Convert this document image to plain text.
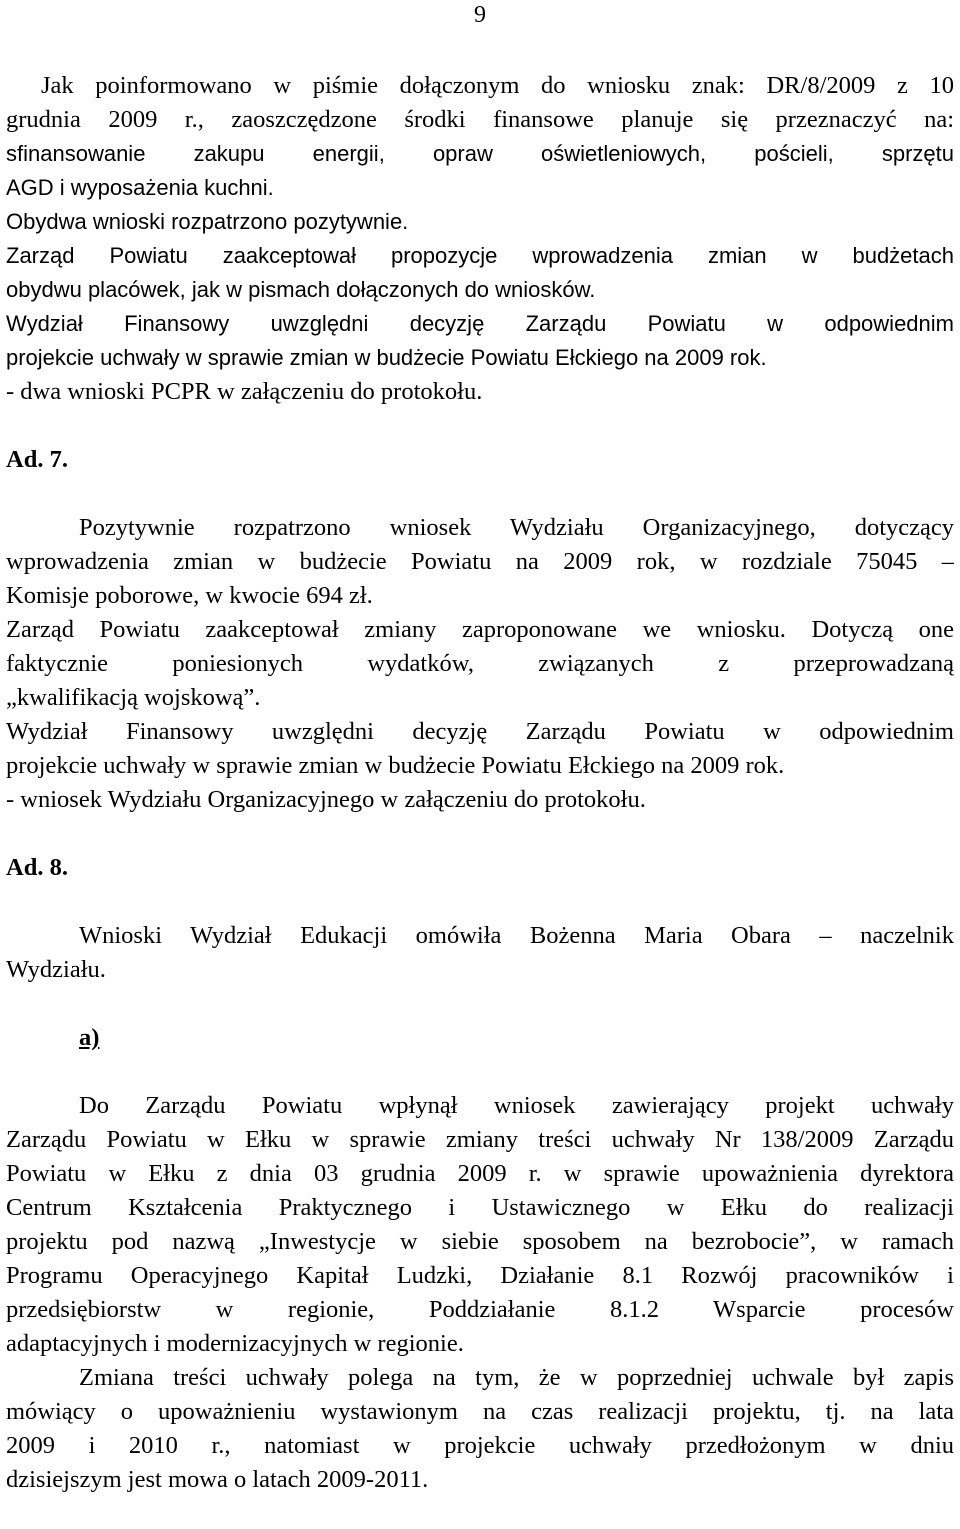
9
Jak poinformowano w piśmie dołączonym do wniosku znak: DR/8/2009 z 10
grudnia 2009 r., zaoszczędzone środki finansowe planuje się przeznaczyć na:
sfinansowanie zakupu energii, opraw oświetleniowych, pościeli, sprzętu
AGD i wyposażenia kuchni.
Obydwa wnioski rozpatrzono pozytywnie.
Zarząd Powiatu zaakceptował propozycje wprowadzenia zmian w budżetach
obydwu placówek, jak w pismach dołączonych do wniosków.
Wydział Finansowy uwzględni decyzję Zarządu Powiatu w odpowiednim
projekcie uchwały w sprawie zmian w budżecie Powiatu Ełckiego na 2009 rok.
- dwa wnioski PCPR w załączeniu do protokołu.
Ad. 7.
Pozytywnie rozpatrzono wniosek Wydziału Organizacyjnego, dotyczący
wprowadzenia zmian w budżecie Powiatu na 2009 rok, w rozdziale 75045 –
Komisje poborowe, w kwocie 694 zł.
Zarząd Powiatu zaakceptował zmiany zaproponowane we wniosku. Dotyczą one
faktycznie poniesionych wydatków, związanych z przeprowadzaną
„kwalifikacją wojskową”.
Wydział Finansowy uwzględni decyzję Zarządu Powiatu w odpowiednim
projekcie uchwały w sprawie zmian w budżecie Powiatu Ełckiego na 2009 rok.
- wniosek Wydziału Organizacyjnego w załączeniu do protokołu.
Ad. 8.
Wnioski Wydział Edukacji omówiła Bożenna Maria Obara – naczelnik
Wydziału.
a)
Do Zarządu Powiatu wpłynął wniosek zawierający projekt uchwały
Zarządu Powiatu w Ełku w sprawie zmiany treści uchwały Nr 138/2009 Zarządu
Powiatu w Ełku z dnia 03 grudnia 2009 r. w sprawie upoważnienia dyrektora
Centrum Kształcenia Praktycznego i Ustawicznego w Ełku do realizacji
projektu pod nazwą „Inwestycje w siebie sposobem na bezrobocie”, w ramach
Programu Operacyjnego Kapitał Ludzki, Działanie 8.1 Rozwój pracowników i
przedsiębiorstw w regionie, Poddziałanie 8.1.2 Wsparcie procesów
adaptacyjnych i modernizacyjnych w regionie.
Zmiana treści uchwały polega na tym, że w poprzedniej uchwale był zapis
mówiący o upoważnieniu wystawionym na czas realizacji projektu, tj. na lata
2009 i 2010 r., natomiast w projekcie uchwały przedłożonym w dniu
dzisiejszym jest mowa o latach 2009-2011.
